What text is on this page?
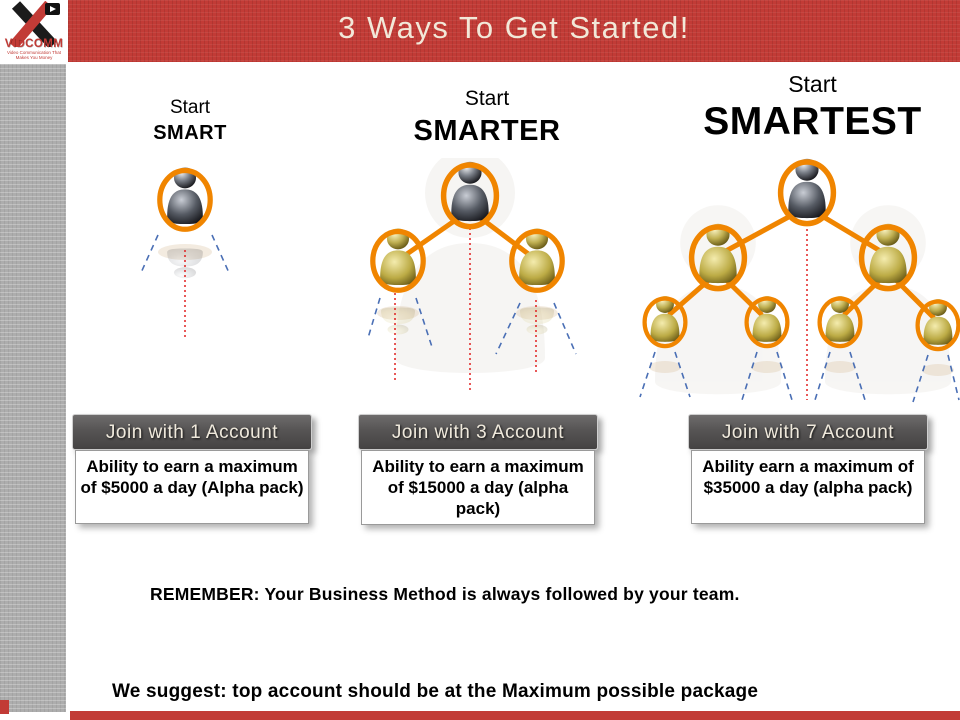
3 Ways To Get Started!
VIDCOMM
Video Communication That Makes You Money
Start
SMART
Start
SMARTER
Start
SMARTEST
Join with 1 Account
Ability to earn a maximum of $5000 a day (Alpha pack)
Join with 3 Account
Ability to earn a maximum of $15000 a day (alpha pack)
Join with 7 Account
Ability earn a maximum of $35000 a day (alpha pack)
REMEMBER: Your Business Method is always followed by your team.
We suggest: top account should be at the Maximum possible package
